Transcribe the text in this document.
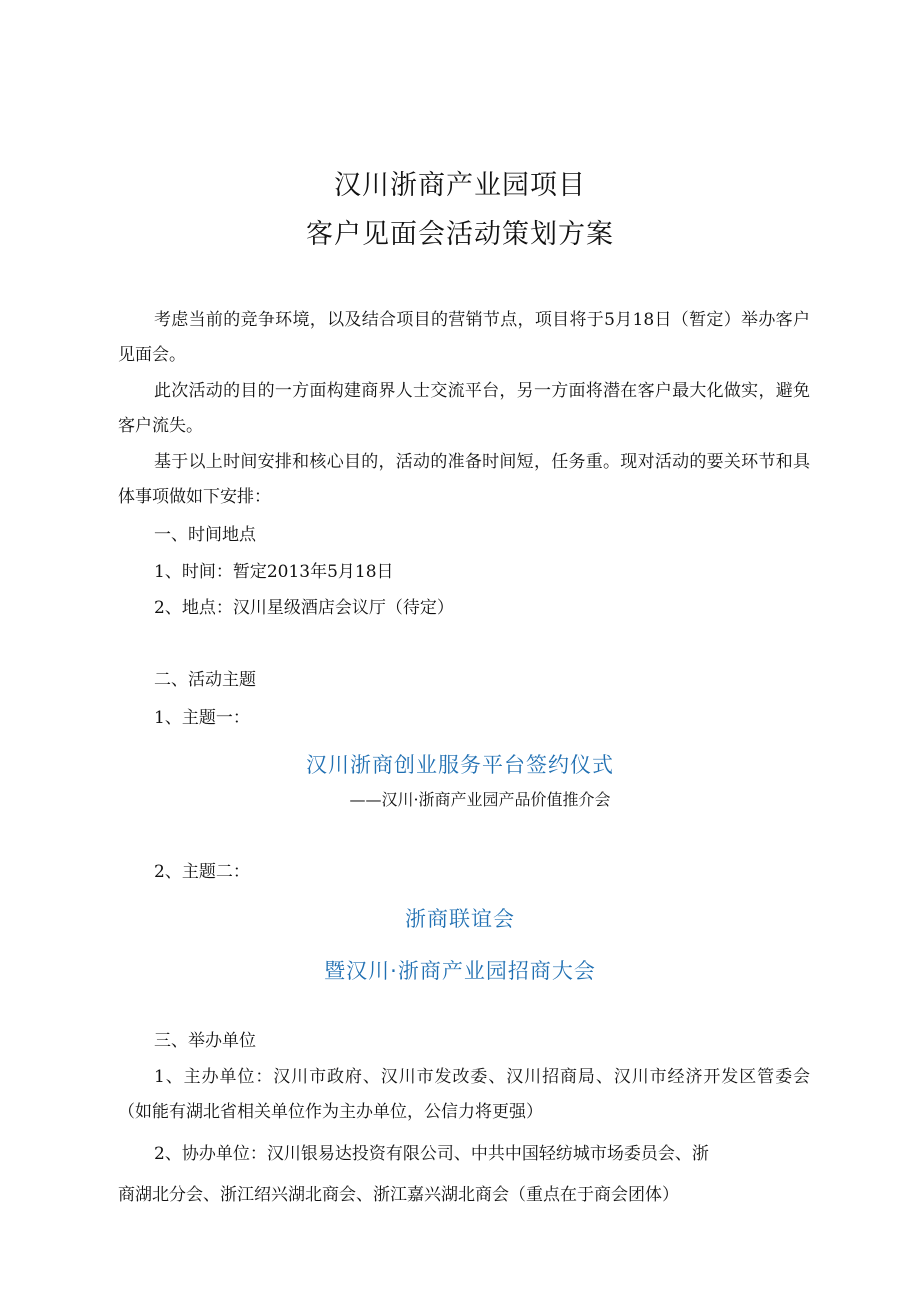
汉川浙商产业园项目
客户见面会活动策划方案

考虑当前的竞争环境，以及结合项目的营销节点，项目将于5月18日（暂定）举办客户见面会。

此次活动的目的一方面构建商界人士交流平台，另一方面将潜在客户最大化做实，避免客户流失。

基于以上时间安排和核心目的，活动的准备时间短，任务重。现对活动的要关环节和具体事项做如下安排：

一、时间地点
1、时间：暂定2013年5月18日
2、地点：汉川星级酒店会议厅（待定）
二、活动主题
1、主题一：
汉川浙商创业服务平台签约仪式
——汉川·浙商产业园产品价值推介会
2、主题二：
浙商联谊会
暨汉川·浙商产业园招商大会
三、举办单位

1、主办单位：汉川市政府、汉川市发改委、汉川招商局、汉川市经济开发区管委会（如能有湖北省相关单位作为主办单位，公信力将更强）

2、协办单位：汉川银易达投资有限公司、中共中国轻纺城市场委员会、浙
商湖北分会、浙江绍兴湖北商会、浙江嘉兴湖北商会（重点在于商会团体）
